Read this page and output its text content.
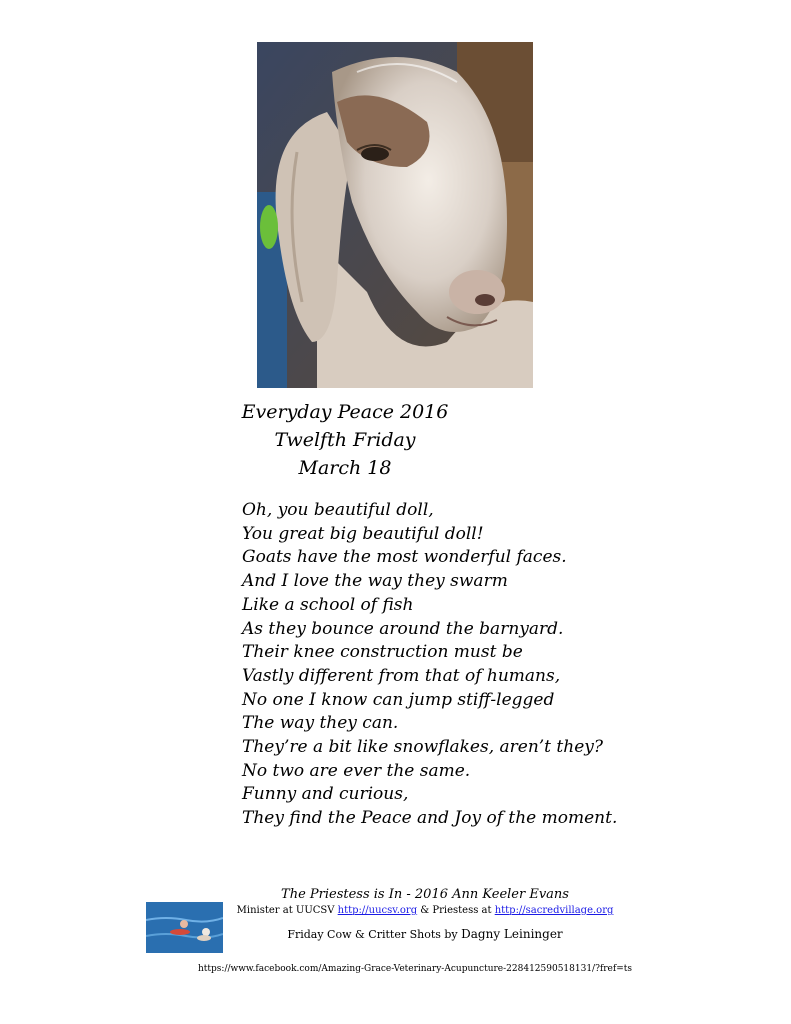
Everyday Peace 2016
Twelfth Friday
March 18
Oh, you beautiful doll,
You great big beautiful doll!
Goats have the most wonderful faces.
And I love the way they swarm
Like a school of fish
As they bounce around the barnyard.
Their knee construction must be
Vastly different from that of humans,
No one I know can jump stiff-legged
The way they can.
They’re a bit like snowflakes, aren’t they?
No two are ever the same.
Funny and curious,
They find the Peace and Joy of the moment.
The Priestess is In - 2016 Ann Keeler Evans
Minister at UUCSV http://uucsv.org & Priestess at http://sacredvillage.org
Friday Cow & Critter Shots by Dagny Leininger
https://www.facebook.com/Amazing-Grace-Veterinary-Acupuncture-228412590518131/?fref=ts
